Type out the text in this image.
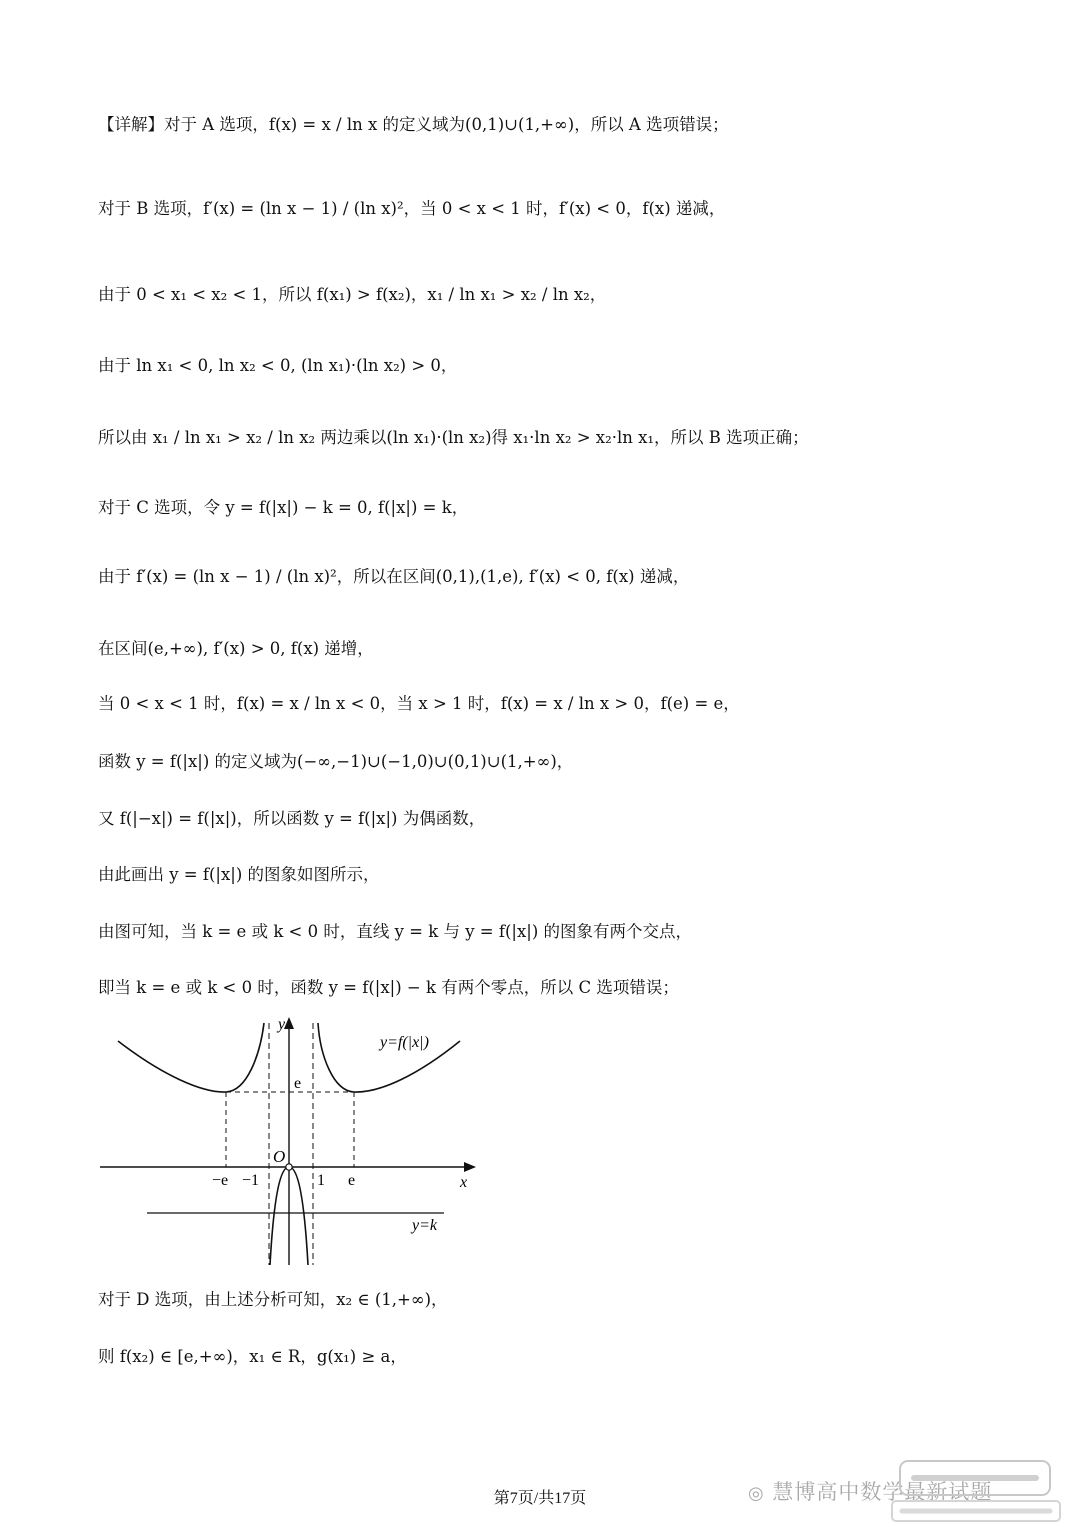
【详解】对于 A 选项，f(x) = x / ln x 的定义域为(0,1)∪(1,+∞)，所以 A 选项错误；
对于 B 选项，f′(x) = (ln x − 1) / (ln x)²，当 0 < x < 1 时，f′(x) < 0，f(x) 递减，
由于 0 < x₁ < x₂ < 1，所以 f(x₁) > f(x₂)，x₁ / ln x₁ > x₂ / ln x₂，
由于 ln x₁ < 0, ln x₂ < 0, (ln x₁)·(ln x₂) > 0，
所以由 x₁ / ln x₁ > x₂ / ln x₂ 两边乘以(ln x₁)·(ln x₂)得 x₁·ln x₂ > x₂·ln x₁，所以 B 选项正确；
对于 C 选项，令 y = f(|x|) − k = 0, f(|x|) = k，
由于 f′(x) = (ln x − 1) / (ln x)²，所以在区间(0,1),(1,e), f′(x) < 0, f(x) 递减，
在区间(e,+∞), f′(x) > 0, f(x) 递增，
当 0 < x < 1 时，f(x) = x / ln x < 0，当 x > 1 时，f(x) = x / ln x > 0，f(e) = e，
函数 y = f(|x|) 的定义域为(−∞,−1)∪(−1,0)∪(0,1)∪(1,+∞)，
又 f(|−x|) = f(|x|)，所以函数 y = f(|x|) 为偶函数，
由此画出 y = f(|x|) 的图象如图所示，
由图可知，当 k = e 或 k < 0 时，直线 y = k 与 y = f(|x|) 的图象有两个交点，
即当 k = e 或 k < 0 时，函数 y = f(|x|) − k 有两个零点，所以 C 选项错误；
y=f(|x|)
y=k
y
x
O
e
−e −1	1 e
对于 D 选项，由上述分析可知，x₂ ∈ (1,+∞)，
则 f(x₂) ∈ [e,+∞)，x₁ ∈ R，g(x₁) ≥ a，
第7页/共17页	◎ 慧博高中数学最新试题
